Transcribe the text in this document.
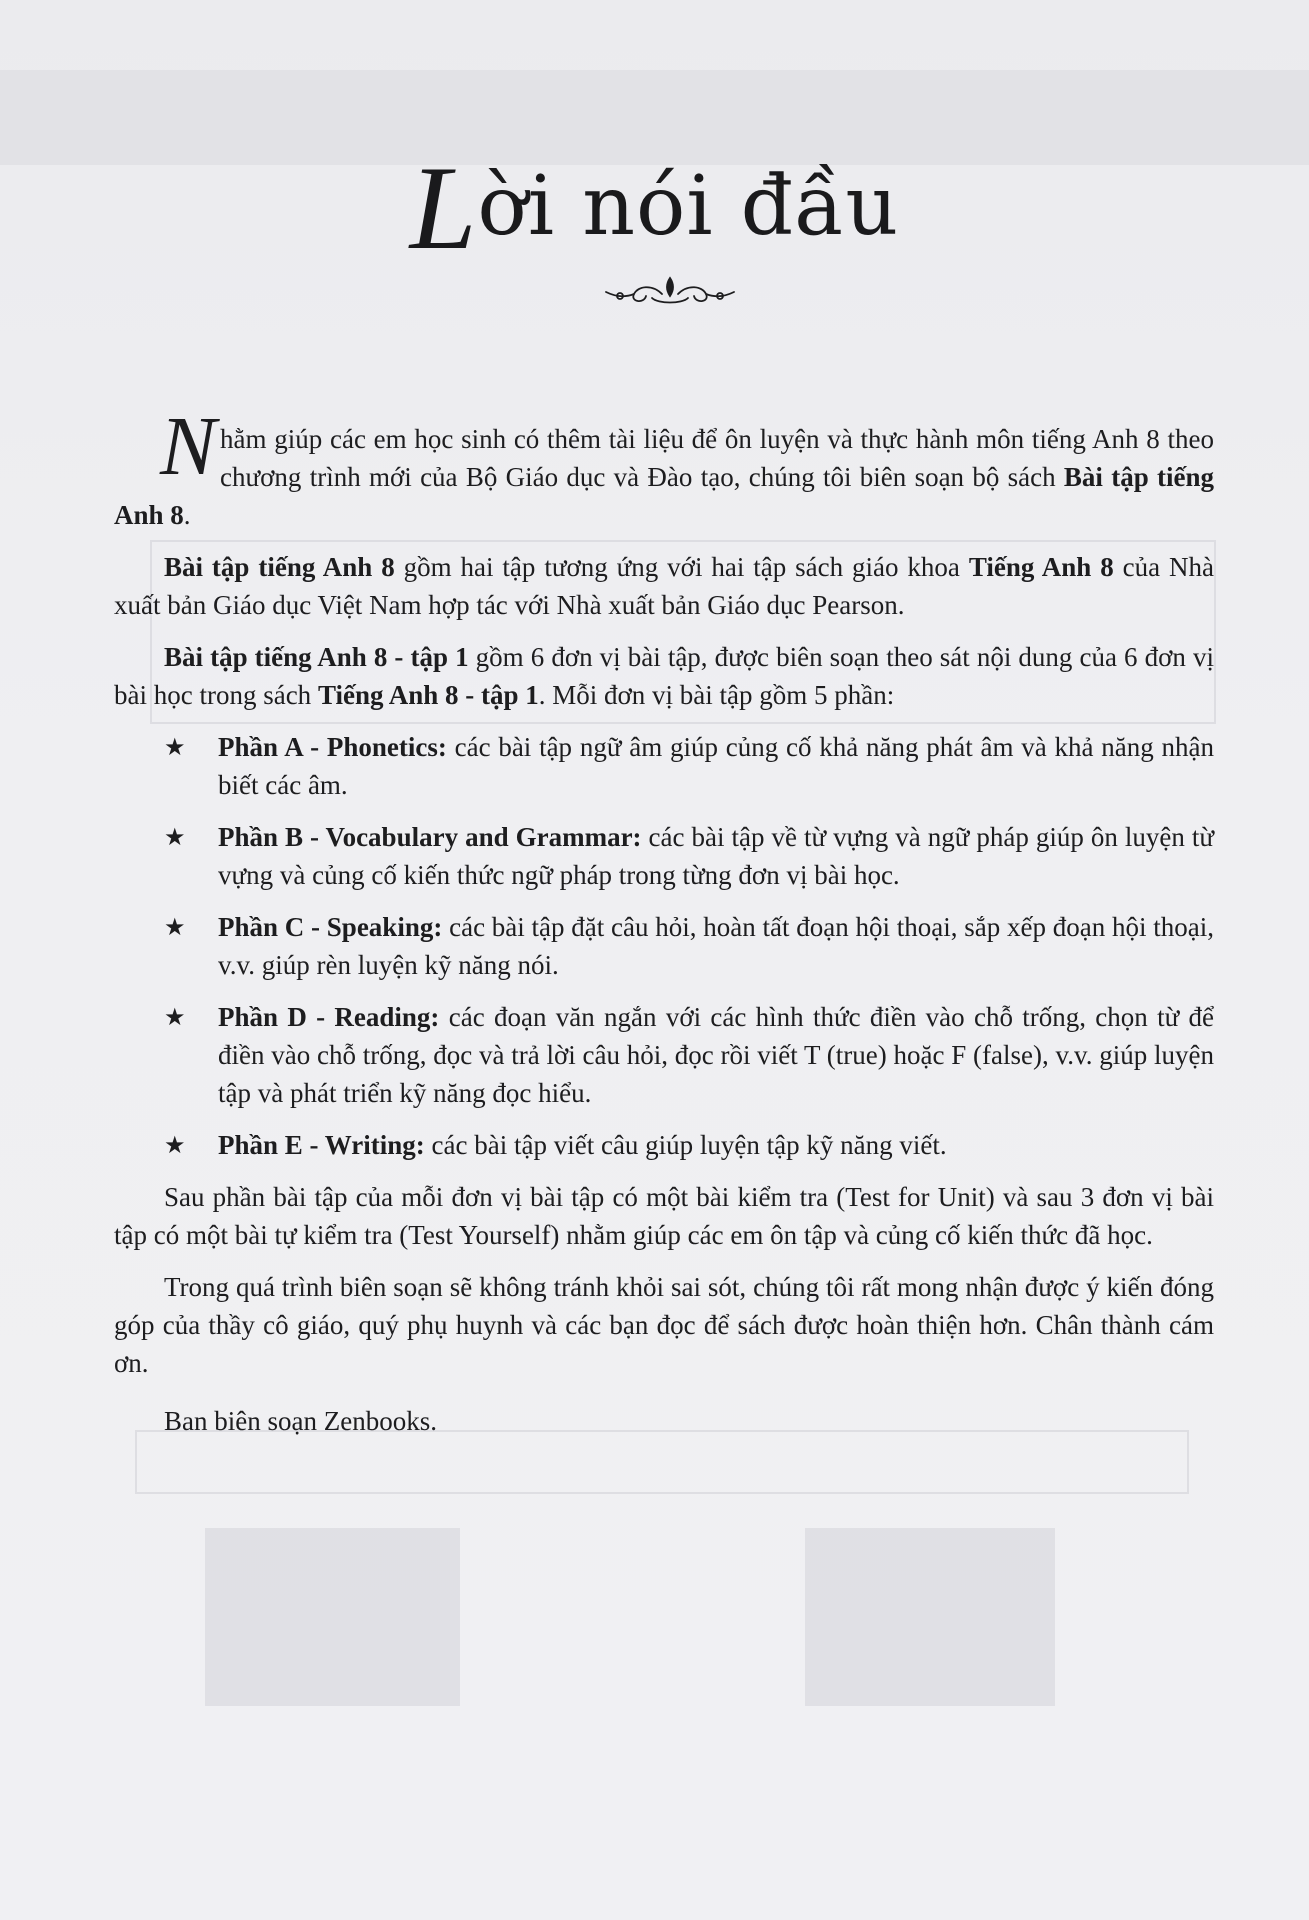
Lời nói đầu

Nhằm giúp các em học sinh có thêm tài liệu để ôn luyện và thực hành môn tiếng Anh 8 theo chương trình mới của Bộ Giáo dục và Đào tạo, chúng tôi biên soạn bộ sách Bài tập tiếng Anh 8.

Bài tập tiếng Anh 8 gồm hai tập tương ứng với hai tập sách giáo khoa Tiếng Anh 8 của Nhà xuất bản Giáo dục Việt Nam hợp tác với Nhà xuất bản Giáo dục Pearson.

Bài tập tiếng Anh 8 - tập 1 gồm 6 đơn vị bài tập, được biên soạn theo sát nội dung của 6 đơn vị bài học trong sách Tiếng Anh 8 - tập 1. Mỗi đơn vị bài tập gồm 5 phần:

★ Phần A - Phonetics: các bài tập ngữ âm giúp củng cố khả năng phát âm và khả năng nhận biết các âm.
★ Phần B - Vocabulary and Grammar: các bài tập về từ vựng và ngữ pháp giúp ôn luyện từ vựng và củng cố kiến thức ngữ pháp trong từng đơn vị bài học.
★ Phần C - Speaking: các bài tập đặt câu hỏi, hoàn tất đoạn hội thoại, sắp xếp đoạn hội thoại, v.v. giúp rèn luyện kỹ năng nói.
★ Phần D - Reading: các đoạn văn ngắn với các hình thức điền vào chỗ trống, chọn từ để điền vào chỗ trống, đọc và trả lời câu hỏi, đọc rồi viết T (true) hoặc F (false), v.v. giúp luyện tập và phát triển kỹ năng đọc hiểu.
★ Phần E - Writing: các bài tập viết câu giúp luyện tập kỹ năng viết.

Sau phần bài tập của mỗi đơn vị bài tập có một bài kiểm tra (Test for Unit) và sau 3 đơn vị bài tập có một bài tự kiểm tra (Test Yourself) nhằm giúp các em ôn tập và củng cố kiến thức đã học.

Trong quá trình biên soạn sẽ không tránh khỏi sai sót, chúng tôi rất mong nhận được ý kiến đóng góp của thầy cô giáo, quý phụ huynh và các bạn đọc để sách được hoàn thiện hơn. Chân thành cám ơn.

Ban biên soạn Zenbooks.
